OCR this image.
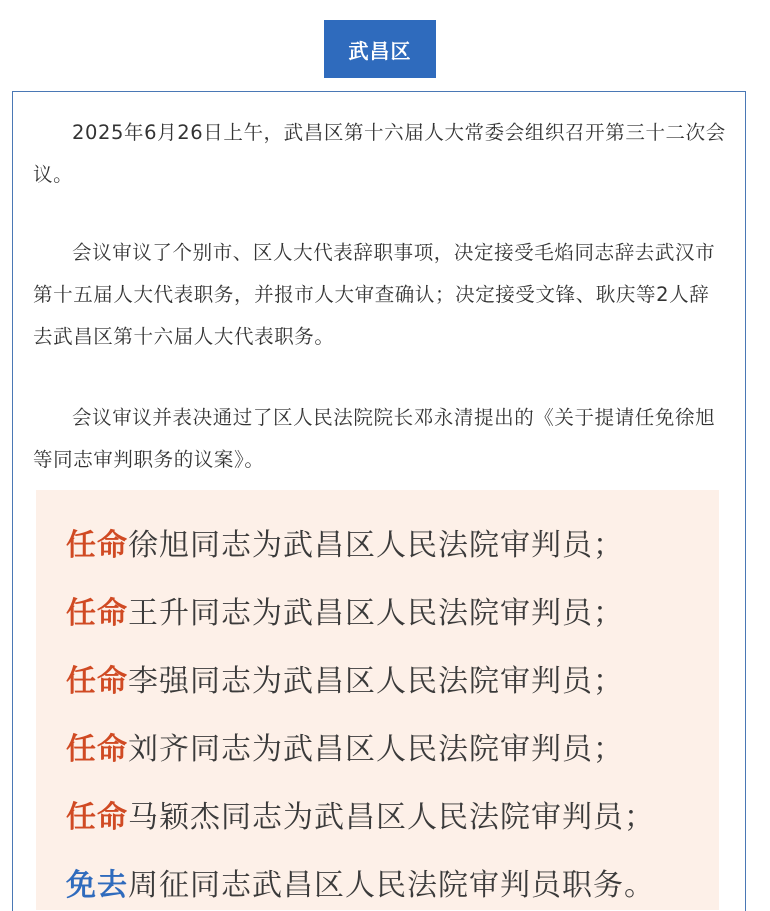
武昌区

2025年6月26日上午，武昌区第十六届人大常委会组织召开第三十二次会议。

会议审议了个别市、区人大代表辞职事项，决定接受毛焰同志辞去武汉市第十五届人大代表职务，并报市人大审查确认；决定接受文锋、耿庆等2人辞去武昌区第十六届人大代表职务。

会议审议并表决通过了区人民法院院长邓永清提出的《关于提请任免徐旭等同志审判职务的议案》。

任命徐旭同志为武昌区人民法院审判员；

任命王升同志为武昌区人民法院审判员；

任命李强同志为武昌区人民法院审判员；

任命刘齐同志为武昌区人民法院审判员；

任命马颖杰同志为武昌区人民法院审判员；

免去周征同志武昌区人民法院审判员职务。
